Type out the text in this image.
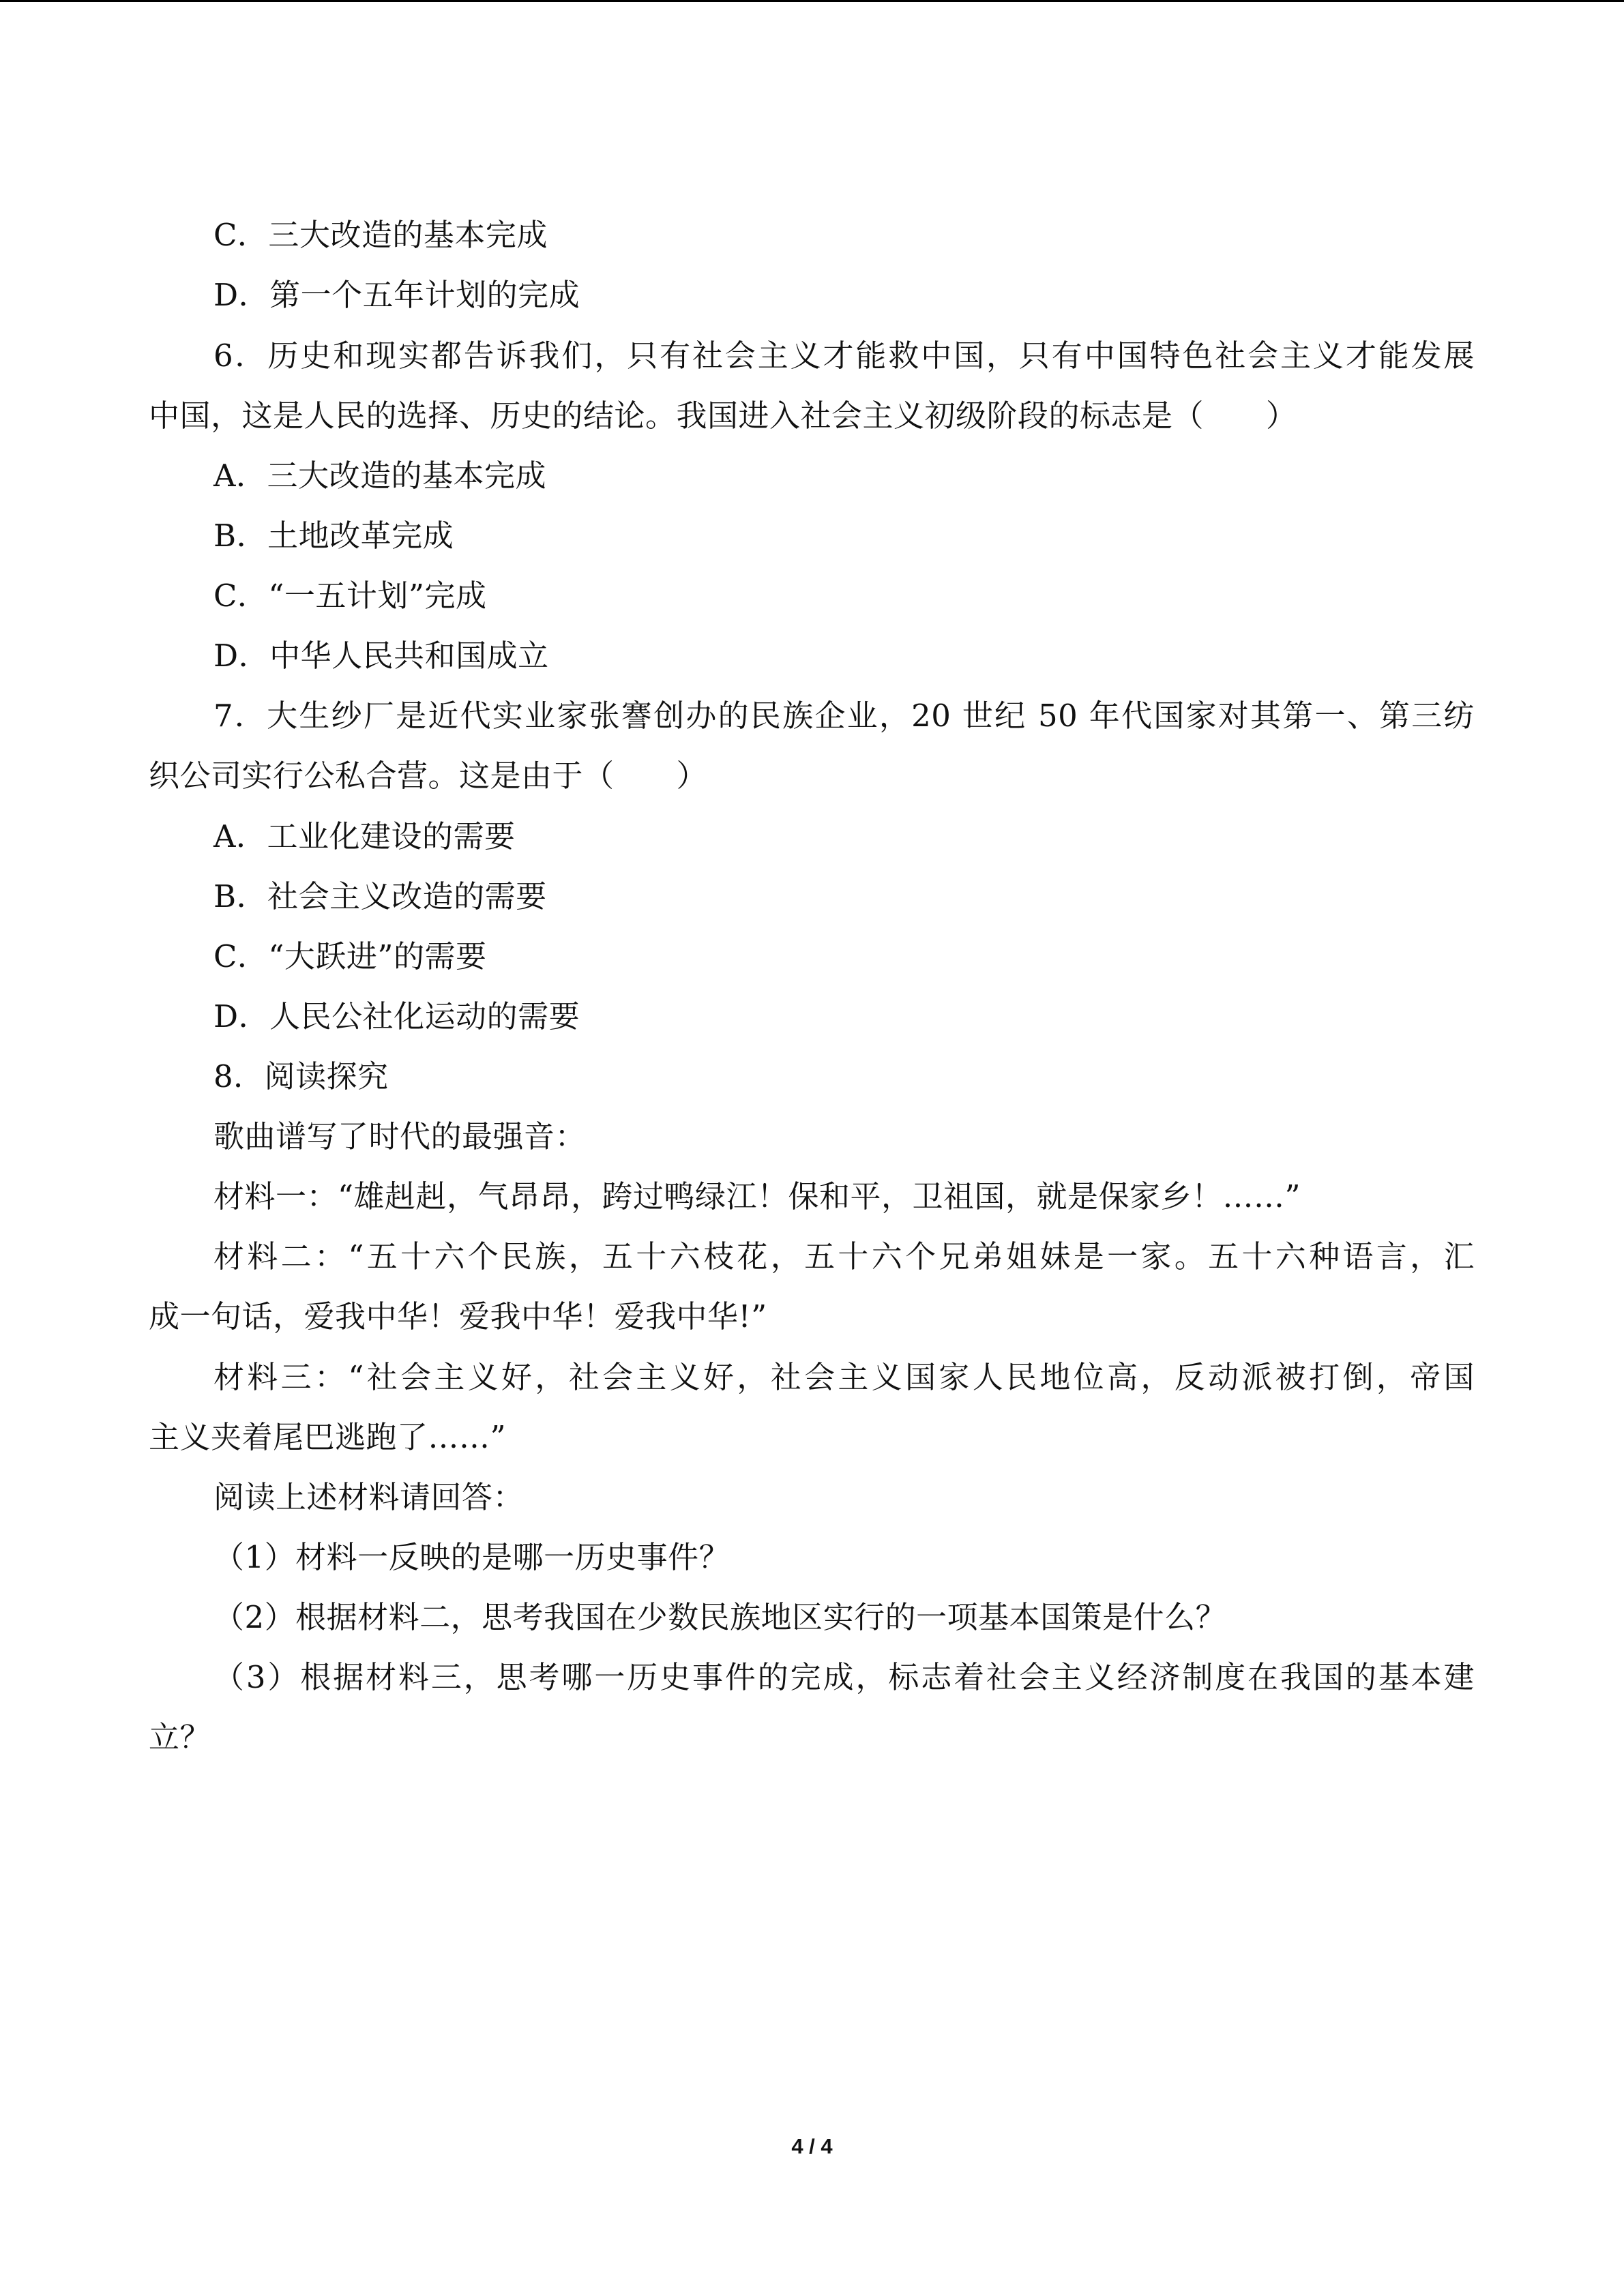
C．三大改造的基本完成
D．第一个五年计划的完成
6．历史和现实都告诉我们，只有社会主义才能救中国，只有中国特色社会主义才能发展
中国，这是人民的选择、历史的结论。我国进入社会主义初级阶段的标志是（　　）
A．三大改造的基本完成
B．土地改革完成
C．“一五计划”完成
D．中华人民共和国成立
7．大生纱厂是近代实业家张謇创办的民族企业，20 世纪 50 年代国家对其第一、第三纺
织公司实行公私合营。这是由于（　　）
A．工业化建设的需要
B．社会主义改造的需要
C．“大跃进”的需要
D．人民公社化运动的需要
8．阅读探究
歌曲谱写了时代的最强音：
材料一：“雄赳赳，气昂昂，跨过鸭绿江！保和平，卫祖国，就是保家乡！……”
材料二：“五十六个民族，五十六枝花，五十六个兄弟姐妹是一家。五十六种语言，汇
成一句话，爱我中华！爱我中华！爱我中华!”
材料三：“社会主义好，社会主义好，社会主义国家人民地位高，反动派被打倒，帝国
主义夹着尾巴逃跑了……”
阅读上述材料请回答：
（1）材料一反映的是哪一历史事件？
（2）根据材料二，思考我国在少数民族地区实行的一项基本国策是什么？
（3）根据材料三，思考哪一历史事件的完成，标志着社会主义经济制度在我国的基本建
立？
4 / 4
